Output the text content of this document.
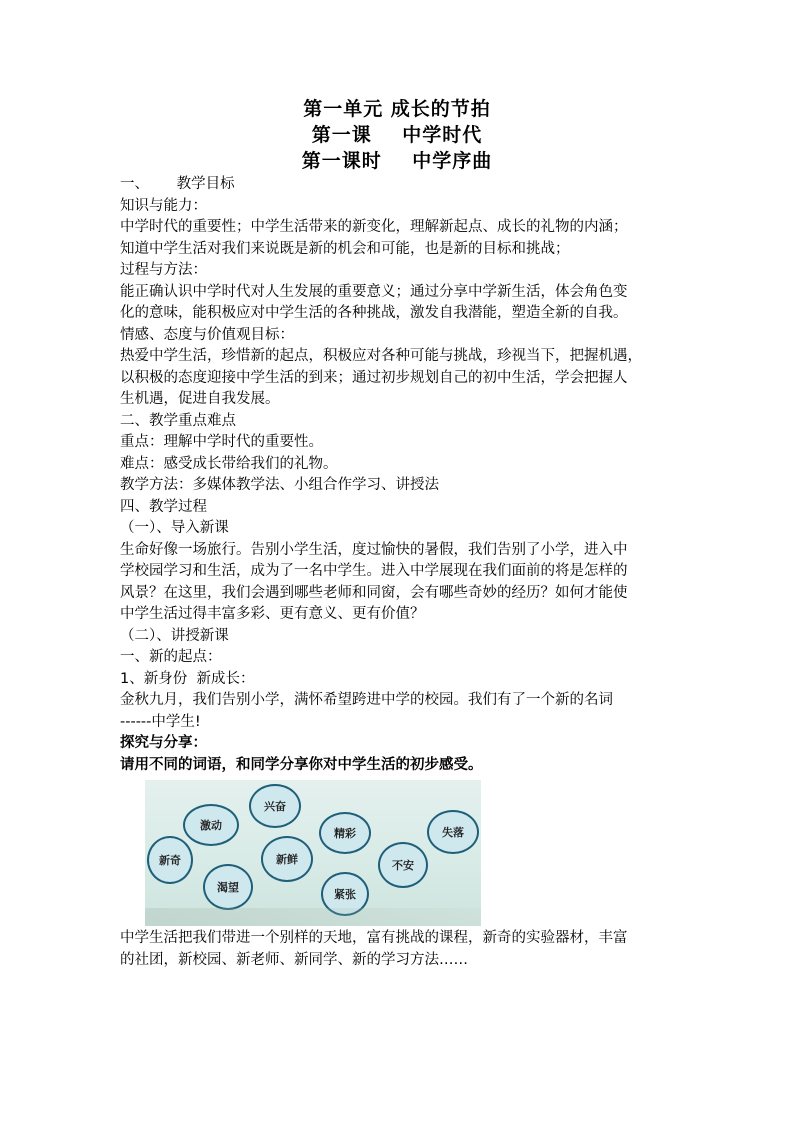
第一单元 成长的节拍

第一课    中学时代

第一课时    中学序曲

一、      教学目标

知识与能力：

中学时代的重要性；中学生活带来的新变化，理解新起点、成长的礼物的内涵；

知道中学生活对我们来说既是新的机会和可能，也是新的目标和挑战；

过程与方法：

能正确认识中学时代对人生发展的重要意义；通过分享中学新生活，体会角色变

化的意味，能积极应对中学生活的各种挑战，激发自我潜能，塑造全新的自我。

情感、态度与价值观目标：

热爱中学生活，珍惜新的起点，积极应对各种可能与挑战，珍视当下，把握机遇，

以积极的态度迎接中学生活的到来；通过初步规划自己的初中生活，学会把握人

生机遇，促进自我发展。

二、教学重点难点

重点：理解中学时代的重要性。

难点：感受成长带给我们的礼物。

教学方法：多媒体教学法、小组合作学习、讲授法

四、教学过程

（一）、导入新课

生命好像一场旅行。告别小学生活，度过愉快的暑假，我们告别了小学，进入中

学校园学习和生活，成为了一名中学生。进入中学展现在我们面前的将是怎样的

风景？在这里，我们会遇到哪些老师和同窗，会有哪些奇妙的经历？如何才能使

中学生活过得丰富多彩、更有意义、更有价值？

（二）、讲授新课

一、新的起点：

1、新身份  新成长：

金秋九月，我们告别小学，满怀希望跨进中学的校园。我们有了一个新的名词

------中学生!

探究与分享：

请用不同的词语，和同学分享你对中学生活的初步感受。

兴奋
激动
精彩	失落
新奇	新鲜	不安
渴望
紧张

中学生活把我们带进一个别样的天地，富有挑战的课程，新奇的实验器材，丰富

的社团，新校园、新老师、新同学、新的学习方法……
